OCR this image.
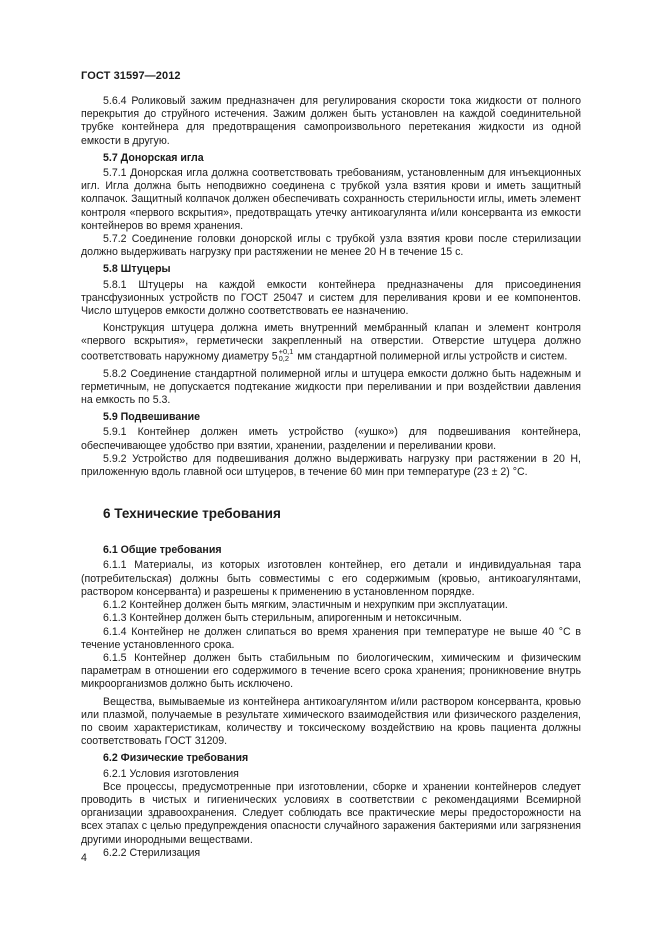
ГОСТ 31597—2012

5.6.4 Роликовый зажим предназначен для регулирования скорости тока жидкости от полного перекрытия до струйного истечения. Зажим должен быть установлен на каждой соединительной трубке контейнера для предотвращения самопроизвольного перетекания жидкости из одной емкости в другую.

5.7 Донорская игла

5.7.1 Донорская игла должна соответствовать требованиям, установленным для инъекционных игл. Игла должна быть неподвижно соединена с трубкой узла взятия крови и иметь защитный колпачок. Защитный колпачок должен обеспечивать сохранность стерильности иглы, иметь элемент контроля «первого вскрытия», предотвращать утечку антикоагулянта и/или консерванта из емкости контейнеров во время хранения.

5.7.2 Соединение головки донорской иглы с трубкой узла взятия крови после стерилизации должно выдерживать нагрузку при растяжении не менее 20 Н в течение 15 с.

5.8 Штуцеры

5.8.1 Штуцеры на каждой емкости контейнера предназначены для присоединения трансфузионных устройств по ГОСТ 25047 и систем для переливания крови и ее компонентов. Число штуцеров емкости должно соответствовать ее назначению.

Конструкция штуцера должна иметь внутренний мембранный клапан и элемент контроля «первого вскрытия», герметически закрепленный на отверстии. Отверстие штуцера должно соответствовать наружному диаметру 5 +0,1
0,2 мм стандартной полимерной иглы устройств и систем.

5.8.2 Соединение стандартной полимерной иглы и штуцера емкости должно быть надежным и герметичным, не допускается подтекание жидкости при переливании и при воздействии давления на емкость по 5.3.

5.9 Подвешивание

5.9.1 Контейнер должен иметь устройство («ушко») для подвешивания контейнера, обеспечивающее удобство при взятии, хранении, разделении и переливании крови.

5.9.2 Устройство для подвешивания должно выдерживать нагрузку при растяжении в 20 Н, приложенную вдоль главной оси штуцеров, в течение 60 мин при температуре (23 ± 2) °С.

6 Технические требования
6.1 Общие требования

6.1.1 Материалы, из которых изготовлен контейнер, его детали и индивидуальная тара (потребительская) должны быть совместимы с его содержимым (кровью, антикоагулянтами, раствором консерванта) и разрешены к применению в установленном порядке.

6.1.2 Контейнер должен быть мягким, эластичным и нехрупким при эксплуатации.

6.1.3 Контейнер должен быть стерильным, апирогенным и нетоксичным.

6.1.4 Контейнер не должен слипаться во время хранения при температуре не выше 40 °С в течение установленного срока.

6.1.5 Контейнер должен быть стабильным по биологическим, химическим и физическим параметрам в отношении его содержимого в течение всего срока хранения; проникновение внутрь микроорганизмов должно быть исключено.

Вещества, вымываемые из контейнера антикоагулянтом и/или раствором консерванта, кровью или плазмой, получаемые в результате химического взаимодействия или физического разделения, по своим характеристикам, количеству и токсическому воздействию на кровь пациента должны соответствовать ГОСТ 31209.

6.2 Физические требования

6.2.1 Условия изготовления

Все процессы, предусмотренные при изготовлении, сборке и хранении контейнеров следует проводить в чистых и гигиенических условиях в соответствии с рекомендациями Всемирной организации здравоохранения. Следует соблюдать все практические меры предосторожности на всех этапах с целью предупреждения опасности случайного заражения бактериями или загрязнения другими инородными веществами.

6.2.2 Стерилизация

4
